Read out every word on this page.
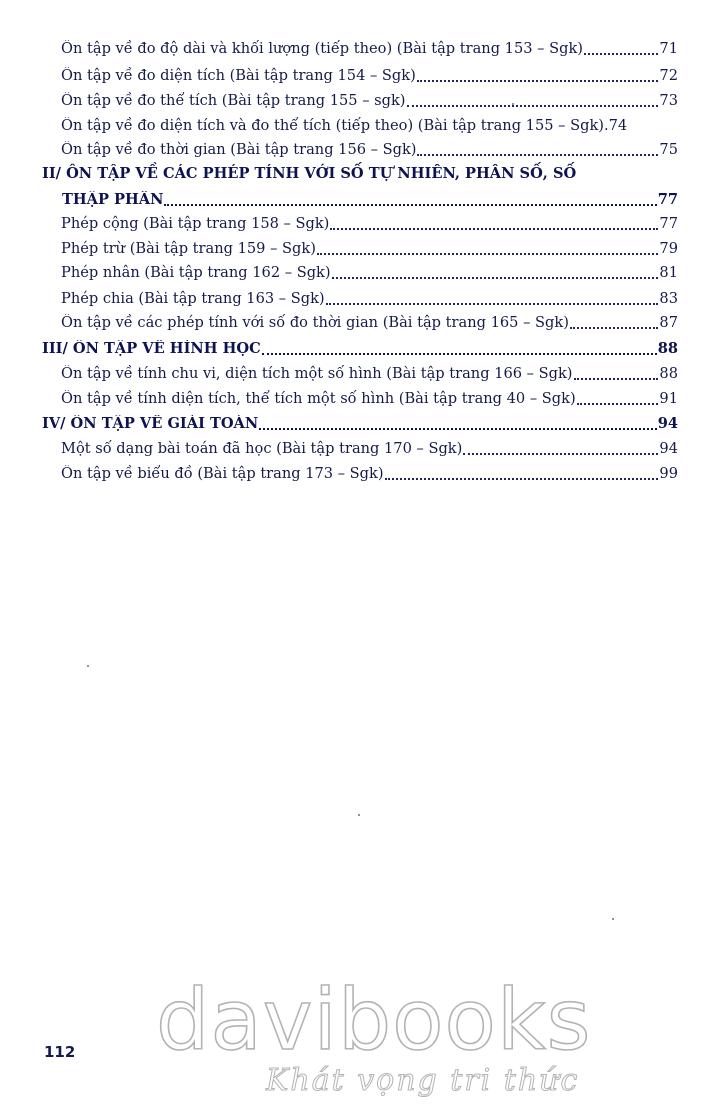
Ôn tập về đo độ dài và khối lượng (tiếp theo) (Bài tập trang 153 – Sgk)	71
Ôn tập về đo diện tích (Bài tập trang 154 – Sgk)	72
Ôn tập về đo thể tích (Bài tập trang 155 – sgk)	73
Ôn tập về đo diện tích và đo thể tích (tiếp theo) (Bài tập trang 155 – Sgk). 74
Ôn tập về đo thời gian (Bài tập trang 156 – Sgk)	75
II/ ÔN TẬP VỀ CÁC PHÉP TÍNH VỚI SỐ TỰ NHIÊN, PHÂN SỐ, SỐ
THẬP PHÂN	77
Phép cộng (Bài tập trang 158 – Sgk)	77
Phép trừ (Bài tập trang 159 – Sgk)	79
Phép nhân (Bài tập trang 162 – Sgk)	81
Phép chia (Bài tập trang 163 – Sgk)	83
Ôn tập về các phép tính với số đo thời gian (Bài tập trang 165 – Sgk)	87
III/ ÔN TẬP VỀ HÌNH HỌC	88
Ôn tập về tính chu vi, diện tích một số hình (Bài tập trang 166 – Sgk)	88
Ôn tập về tính diện tích, thể tích một số hình (Bài tập trang 40 – Sgk)	91
IV/ ÔN TẬP VỀ GIẢI TOÁN	94
Một số dạng bài toán đã học (Bài tập trang 170 – Sgk)	94
Ôn tập về biểu đồ (Bài tập trang 173 – Sgk)	99
112 davibooks
Khát vọng tri thức
